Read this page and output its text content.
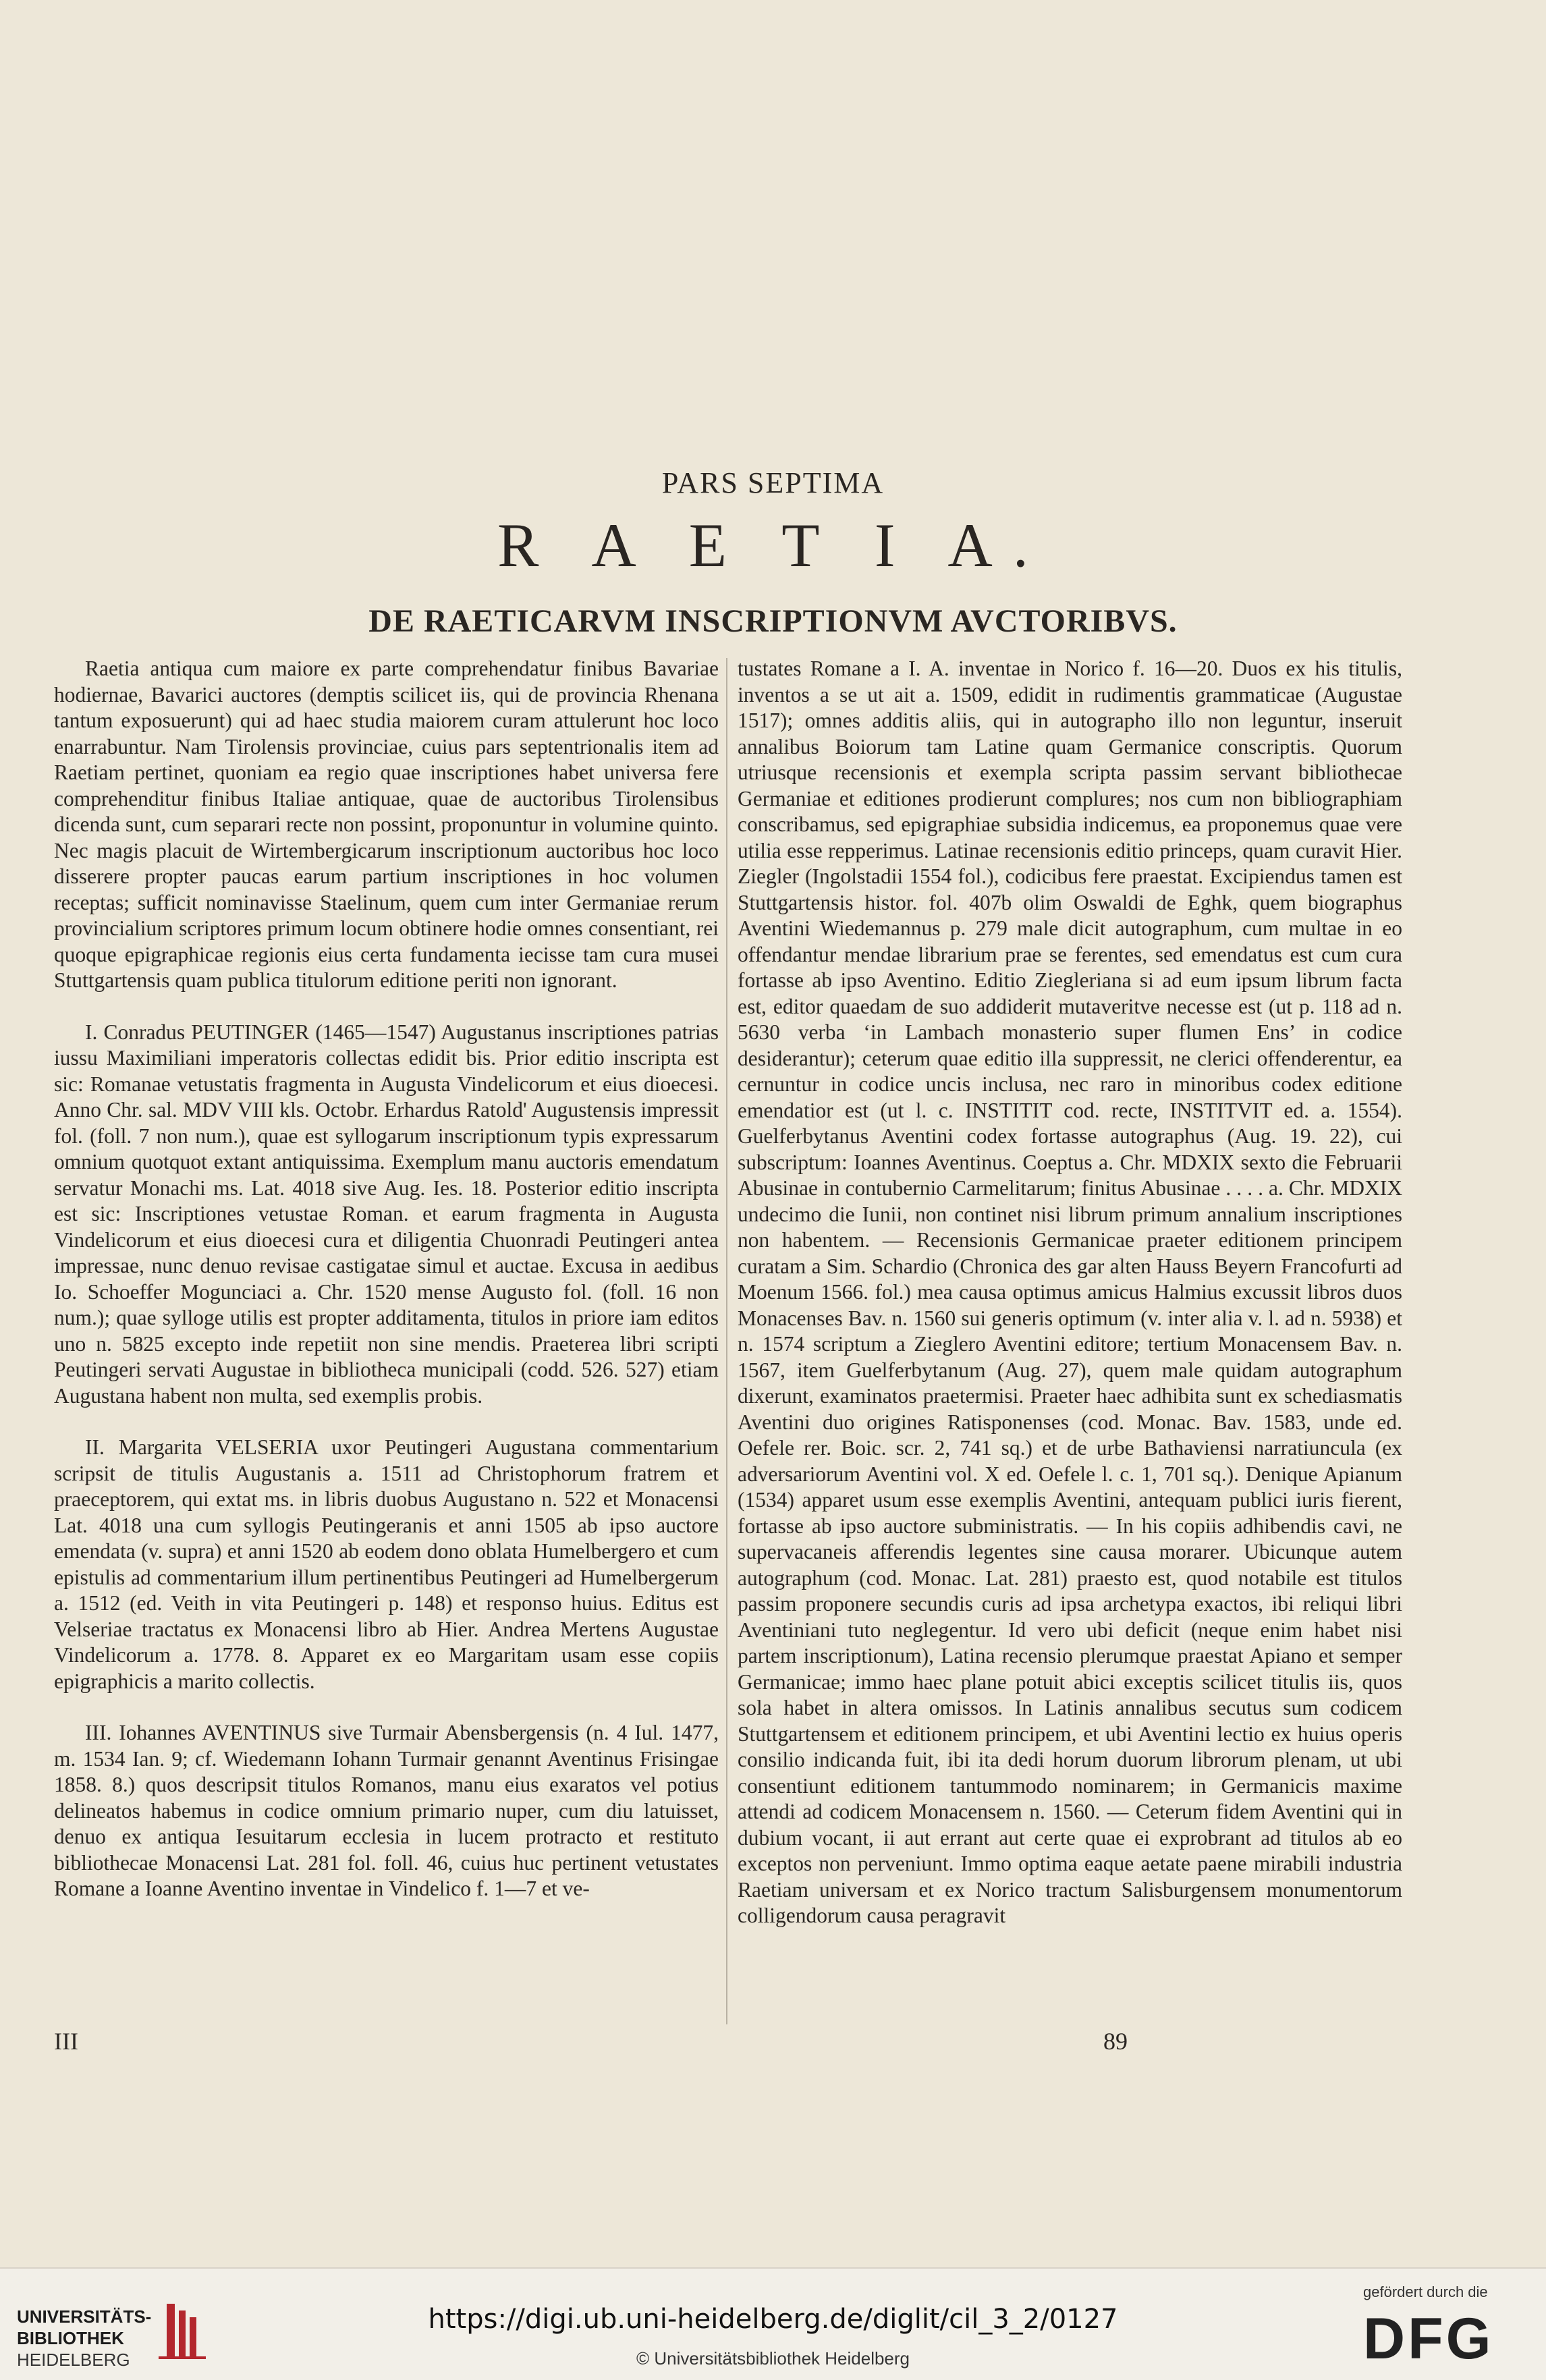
PARS SEPTIMA
R A E T I A.
DE RAETICARVM INSCRIPTIONVM AVCTORIBVS.

Raetia antiqua cum maiore ex parte comprehendatur finibus Bavariae hodiernae, Bavarici auctores (demptis scilicet iis, qui de provincia Rhenana tantum exposuerunt) qui ad haec studia maiorem curam attulerunt hoc loco enarrabuntur. Nam Tirolensis provinciae, cuius pars septentrionalis item ad Raetiam pertinet, quoniam ea regio quae inscriptiones habet universa fere comprehenditur finibus Italiae antiquae, quae de auctoribus Tirolensibus dicenda sunt, cum separari recte non possint, proponuntur in volumine quinto. Nec magis placuit de Wirtembergicarum inscriptionum auctoribus hoc loco disserere propter paucas earum partium inscriptiones in hoc volumen receptas; sufficit nominavisse Staelinum, quem cum inter Germaniae rerum provincialium scriptores primum locum obtinere hodie omnes consentiant, rei quoque epigraphicae regionis eius certa fundamenta iecisse tam cura musei Stuttgartensis quam publica titulorum editione periti non ignorant.

I. Conradus PEUTINGER (1465—1547) Augustanus inscriptiones patrias iussu Maximiliani imperatoris collectas edidit bis. Prior editio inscripta est sic: Romanae vetustatis fragmenta in Augusta Vindelicorum et eius dioecesi. Anno Chr. sal. MDV VIII kls. Octobr. Erhardus Ratold' Augustensis impressit fol. (foll. 7 non num.), quae est syllogarum inscriptionum typis expressarum omnium quotquot extant antiquissima. Exemplum manu auctoris emendatum servatur Monachi ms. Lat. 4018 sive Aug. Ies. 18. Posterior editio inscripta est sic: Inscriptiones vetustae Roman. et earum fragmenta in Augusta Vindelicorum et eius dioecesi cura et diligentia Chuonradi Peutingeri antea impressae, nunc denuo revisae castigatae simul et auctae. Excusa in aedibus Io. Schoeffer Mogunciaci a. Chr. 1520 mense Augusto fol. (foll. 16 non num.); quae sylloge utilis est propter additamenta, titulos in priore iam editos uno n. 5825 excepto inde repetiit non sine mendis. Praeterea libri scripti Peutingeri servati Augustae in bibliotheca municipali (codd. 526. 527) etiam Augustana habent non multa, sed exemplis probis.

II. Margarita VELSERIA uxor Peutingeri Augustana commentarium scripsit de titulis Augustanis a. 1511 ad Christophorum fratrem et praeceptorem, qui extat ms. in libris duobus Augustano n. 522 et Monacensi Lat. 4018 una cum syllogis Peutingeranis et anni 1505 ab ipso auctore emendata (v. supra) et anni 1520 ab eodem dono oblata Humelbergero et cum epistulis ad commentarium illum pertinentibus Peutingeri ad Humelbergerum a. 1512 (ed. Veith in vita Peutingeri p. 148) et responso huius. Editus est Velseriae tractatus ex Monacensi libro ab Hier. Andrea Mertens Augustae Vindelicorum a. 1778. 8. Apparet ex eo Margaritam usam esse copiis epigraphicis a marito collectis.

III. Iohannes AVENTINUS sive Turmair Abensbergensis (n. 4 Iul. 1477, m. 1534 Ian. 9; cf. Wiedemann Iohann Turmair genannt Aventinus Frisingae 1858. 8.) quos descripsit titulos Romanos, manu eius exaratos vel potius delineatos habemus in codice omnium primario nuper, cum diu latuisset, denuo ex antiqua Iesuitarum ecclesia in lucem protracto et restituto bibliothecae Monacensi Lat. 281 fol. foll. 46, cuius huc pertinent vetustates Romane a Ioanne Aventino inventae in Vindelico f. 1—7 et ve-

tustates Romane a I. A. inventae in Norico f. 16—20. Duos ex his titulis, inventos a se ut ait a. 1509, edidit in rudimentis grammaticae (Augustae 1517); omnes additis aliis, qui in autographo illo non leguntur, inseruit annalibus Boiorum tam Latine quam Germanice conscriptis. Quorum utriusque recensionis et exempla scripta passim servant bibliothecae Germaniae et editiones prodierunt complures; nos cum non bibliographiam conscribamus, sed epigraphiae subsidia indicemus, ea proponemus quae vere utilia esse repperimus. Latinae recensionis editio princeps, quam curavit Hier. Ziegler (Ingolstadii 1554 fol.), codicibus fere praestat. Excipiendus tamen est Stuttgartensis histor. fol. 407b olim Oswaldi de Eghk, quem biographus Aventini Wiedemannus p. 279 male dicit autographum, cum multae in eo offendantur mendae librarium prae se ferentes, sed emendatus est cum cura fortasse ab ipso Aventino. Editio Ziegleriana si ad eum ipsum librum facta est, editor quaedam de suo addiderit mutaveritve necesse est (ut p. 118 ad n. 5630 verba ‘in Lambach monasterio super flumen Ens’ in codice desiderantur); ceterum quae editio illa suppressit, ne clerici offenderentur, ea cernuntur in codice uncis inclusa, nec raro in minoribus codex editione emendatior est (ut l. c. INSTITIT cod. recte, INSTITVIT ed. a. 1554). Guelferbytanus Aventini codex fortasse autographus (Aug. 19. 22), cui subscriptum: Ioannes Aventinus. Coeptus a. Chr. MDXIX sexto die Februarii Abusinae in contubernio Carmelitarum; finitus Abusinae . . . . a. Chr. MDXIX undecimo die Iunii, non continet nisi librum primum annalium inscriptiones non habentem. — Recensionis Germanicae praeter editionem principem curatam a Sim. Schardio (Chronica des gar alten Hauss Beyern Francofurti ad Moenum 1566. fol.) mea causa optimus amicus Halmius excussit libros duos Monacenses Bav. n. 1560 sui generis optimum (v. inter alia v. l. ad n. 5938) et n. 1574 scriptum a Zieglero Aventini editore; tertium Monacensem Bav. n. 1567, item Guelferbytanum (Aug. 27), quem male quidam autographum dixerunt, examinatos praetermisi. Praeter haec adhibita sunt ex schediasmatis Aventini duo origines Ratisponenses (cod. Monac. Bav. 1583, unde ed. Oefele rer. Boic. scr. 2, 741 sq.) et de urbe Bathaviensi narratiuncula (ex adversariorum Aventini vol. X ed. Oefele l. c. 1, 701 sq.). Denique Apianum (1534) apparet usum esse exemplis Aventini, antequam publici iuris fierent, fortasse ab ipso auctore subministratis. — In his copiis adhibendis cavi, ne supervacaneis afferendis legentes sine causa morarer. Ubicunque autem autographum (cod. Monac. Lat. 281) praesto est, quod notabile est titulos passim proponere secundis curis ad ipsa archetypa exactos, ibi reliqui libri Aventiniani tuto neglegentur. Id vero ubi deficit (neque enim habet nisi partem inscriptionum), Latina recensio plerumque praestat Apiano et semper Germanicae; immo haec plane potuit abici exceptis scilicet titulis iis, quos sola habet in altera omissos. In Latinis annalibus secutus sum codicem Stuttgartensem et editionem principem, et ubi Aventini lectio ex huius operis consilio indicanda fuit, ibi ita dedi horum duorum librorum plenam, ut ubi consentiunt editionem tantummodo nominarem; in Germanicis maxime attendi ad codicem Monacensem n. 1560. — Ceterum fidem Aventini qui in dubium vocant, ii aut errant aut certe quae ei exprobrant ad titulos ab eo exceptos non perveniunt. Immo optima eaque aetate paene mirabili industria Raetiam universam et ex Norico tractum Salisburgensem monumentorum colligendorum causa peragravit

III	89
UNIVERSITÄTS-
BIBLIOTHEK
HEIDELBERG
https://digi.ub.uni-heidelberg.de/diglit/cil_3_2/0127
© Universitätsbibliothek Heidelberg
gefördert durch die
DFG
